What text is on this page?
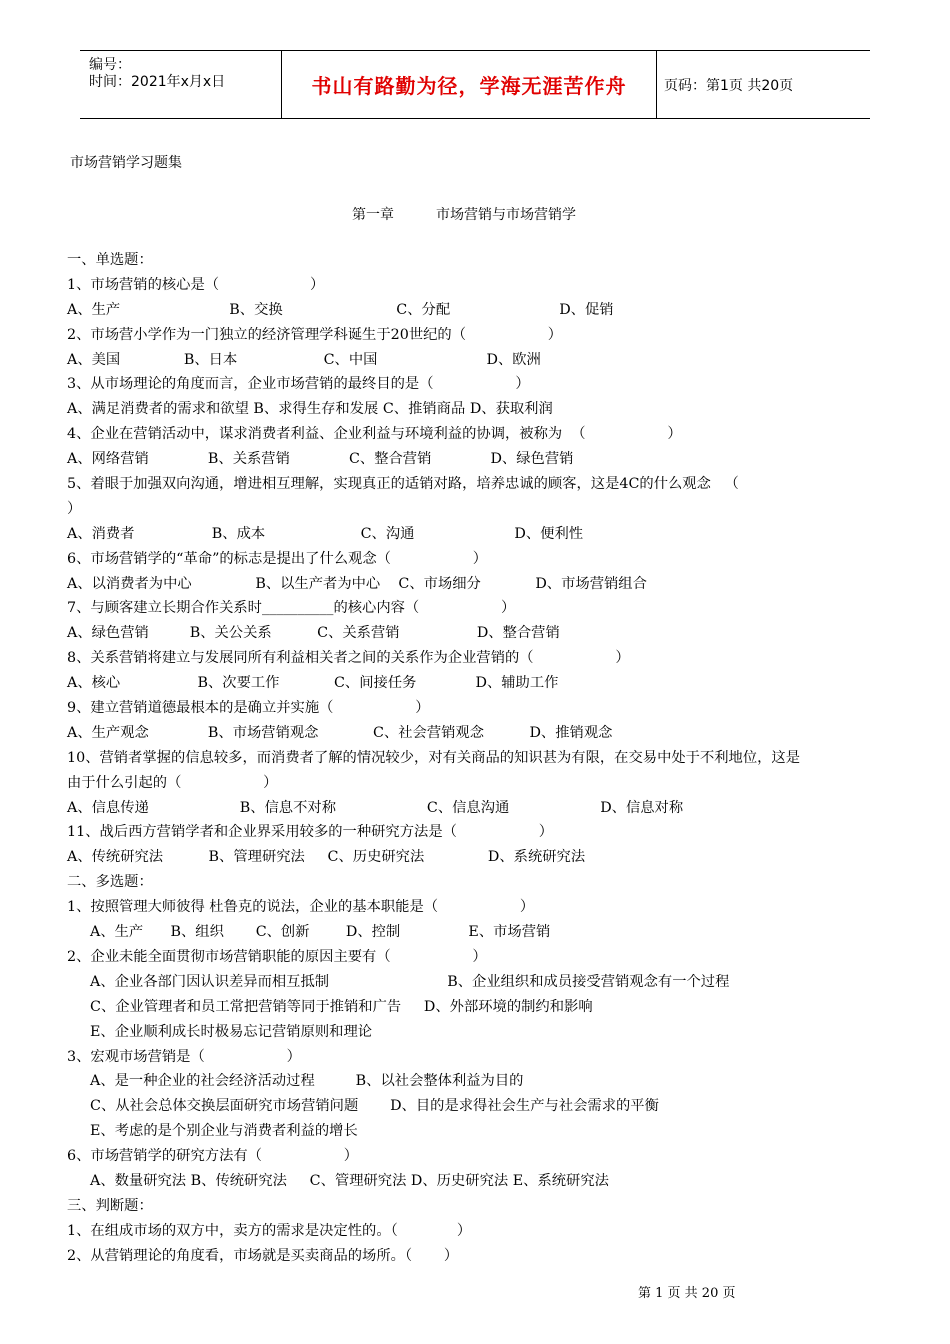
编号：
时间：2021年x月x日	书山有路勤为径，学海无涯苦作舟	页码：第1页 共20页
市场营销学习题集
第一章	市场营销与市场营销学
一、单选题：
1、市场营销的核心是（                    ）
A、生产                        B、交换                         C、分配                        D、促销
2、市场营小学作为一门独立的经济管理学科诞生于20世纪的（                  ）
A、美国              B、日本                   C、中国                        D、欧洲
3、从市场理论的角度而言，企业市场营销的最终目的是（                  ）
A、满足消费者的需求和欲望 B、求得生存和发展 C、推销商品 D、获取利润
4、企业在营销活动中，谋求消费者利益、企业利益与环境利益的协调，被称为  （                  ）
A、网络营销             B、关系营销             C、整合营销             D、绿色营销
5、着眼于加强双向沟通，增进相互理解，实现真正的适销对路，培养忠诚的顾客，这是4C的什么观念   （
）
A、消费者                 B、成本                     C、沟通                      D、便利性
6、市场营销学的“革命”的标志是提出了什么观念（                  ）
A、以消费者为中心              B、以生产者为中心    C、市场细分            D、市场营销组合
7、与顾客建立长期合作关系时__________的核心内容（                  ）
A、绿色营销         B、关公关系          C、关系营销                 D、整合营销
8、关系营销将建立与发展同所有利益相关者之间的关系作为企业营销的（                  ）
A、核心                 B、次要工作            C、间接任务             D、辅助工作
9、建立营销道德最根本的是确立并实施（                  ）
A、生产观念             B、市场营销观念            C、社会营销观念          D、推销观念
10、营销者掌握的信息较多，而消费者了解的情况较少，对有关商品的知识甚为有限，在交易中处于不利地位，这是
由于什么引起的（                  ）
A、信息传递                    B、信息不对称                    C、信息沟通                    D、信息对称
11、战后西方营销学者和企业界采用较多的一种研究方法是（                  ）
A、传统研究法          B、管理研究法     C、历史研究法              D、系统研究法
二、多选题：
1、按照管理大师彼得 杜鲁克的说法，企业的基本职能是（                  ）
A、生产      B、组织       C、创新        D、控制               E、市场营销
2、企业未能全面贯彻市场营销职能的原因主要有（                  ）
A、企业各部门因认识差异而相互抵制                          B、企业组织和成员接受营销观念有一个过程
C、企业管理者和员工常把营销等同于推销和广告     D、外部环境的制约和影响
E、企业顺利成长时极易忘记营销原则和理论
3、宏观市场营销是（                  ）
A、是一种企业的社会经济活动过程         B、以社会整体利益为目的
C、从社会总体交换层面研究市场营销问题       D、目的是求得社会生产与社会需求的平衡
E、考虑的是个别企业与消费者利益的增长
6、市场营销学的研究方法有（                  ）
A、数量研究法 B、传统研究法     C、管理研究法 D、历史研究法 E、系统研究法
三、判断题：
1、在组成市场的双方中，卖方的需求是决定性的。（             ）
2、从营销理论的角度看，市场就是买卖商品的场所。（       ）
第 1 页 共 20 页
